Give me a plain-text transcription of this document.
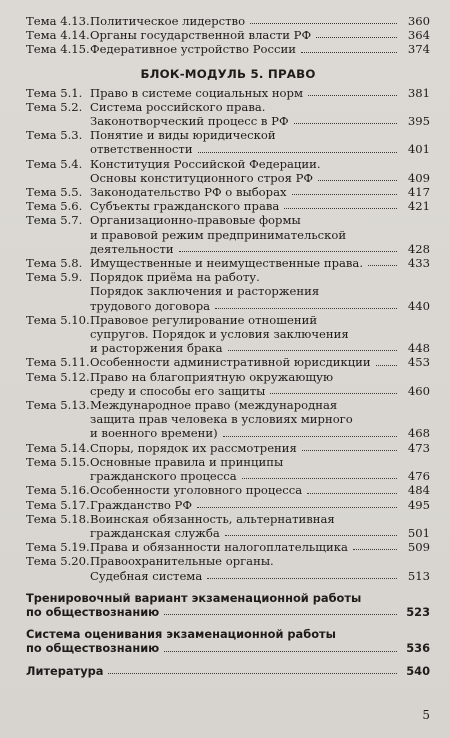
Тема 4.13. Политическое лидерство	360
Тема 4.14. Органы государственной власти РФ	364
Тема 4.15. Федеративное устройство России	374
БЛОК-МОДУЛЬ 5. ПРАВО
Тема 5.1. Право в системе социальных норм	381
Тема 5.2. Система российского права.
Законотворческий процесс в РФ	395
Тема 5.3. Понятие и виды юридической
ответственности	401
Тема 5.4. Конституция Российской Федерации.
Основы конституционного строя РФ	409
Тема 5.5. Законодательство РФ о выборах	417
Тема 5.6. Субъекты гражданского права	421
Тема 5.7. Организационно-правовые формы
и правовой режим предпринимательской
деятельности	428
Тема 5.8. Имущественные и неимущественные права.	433
Тема 5.9. Порядок приёма на работу.
Порядок заключения и расторжения
трудового договора	440
Тема 5.10. Правовое регулирование отношений
супругов. Порядок и условия заключения
и расторжения брака	448
Тема 5.11. Особенности административной юрисдикции	453
Тема 5.12. Право на благоприятную окружающую
среду и способы его защиты	460
Тема 5.13. Международное право (международная
защита прав человека в условиях мирного
и военного времени)	468
Тема 5.14. Споры, порядок их рассмотрения	473
Тема 5.15. Основные правила и принципы
гражданского процесса	476
Тема 5.16. Особенности уголовного процесса	484
Тема 5.17. Гражданство РФ	495
Тема 5.18. Воинская обязанность, альтернативная
гражданская служба	501
Тема 5.19. Права и обязанности налогоплательщика	509
Тема 5.20. Правоохранительные органы.
Судебная система	513
Тренировочный вариант экзаменационной работы
по обществознанию	523
Система оценивания экзаменационной работы
по обществознанию	536
Литература	540
5
